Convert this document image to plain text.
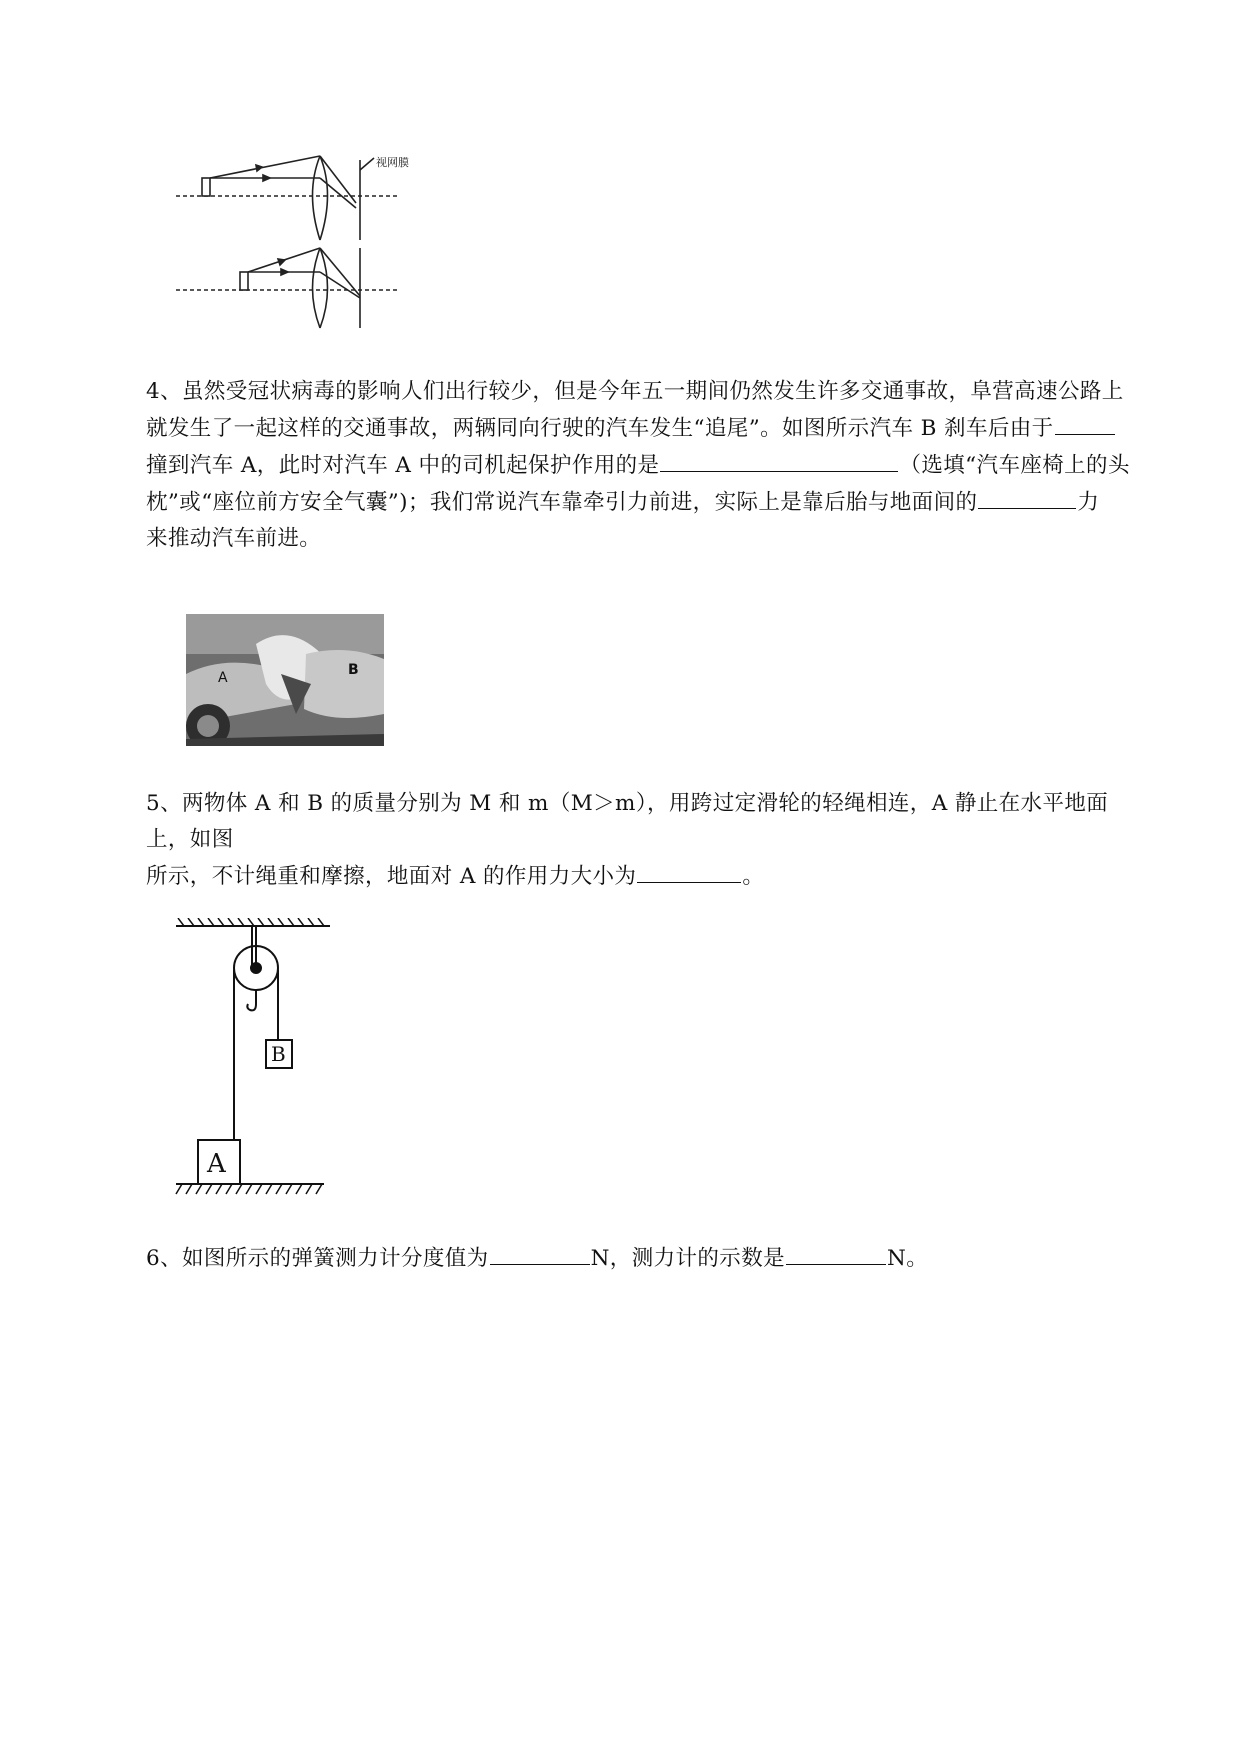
视网膜

4、虽然受冠状病毒的影响人们出行较少，但是今年五一期间仍然发生许多交通事故，阜营高速公路上
就发生了一起这样的交通事故，两辆同向行驶的汽车发生“追尾”。如图所示汽车 B 刹车后由于
撞到汽车 A，此时对汽车 A 中的司机起保护作用的是	（选填“汽车座椅上的头
枕”或“座位前方安全气囊”)；我们常说汽车靠牵引力前进，实际上是靠后胎与地面间的	力
来推动汽车前进。

A	B

5、两物体 A 和 B 的质量分别为 M 和 m（M＞m），用跨过定滑轮的轻绳相连，A 静止在水平地面上，如图
所示，不计绳重和摩擦，地面对 A 的作用力大小为	。

B
A

6、如图所示的弹簧测力计分度值为	N，测力计的示数是	N。
